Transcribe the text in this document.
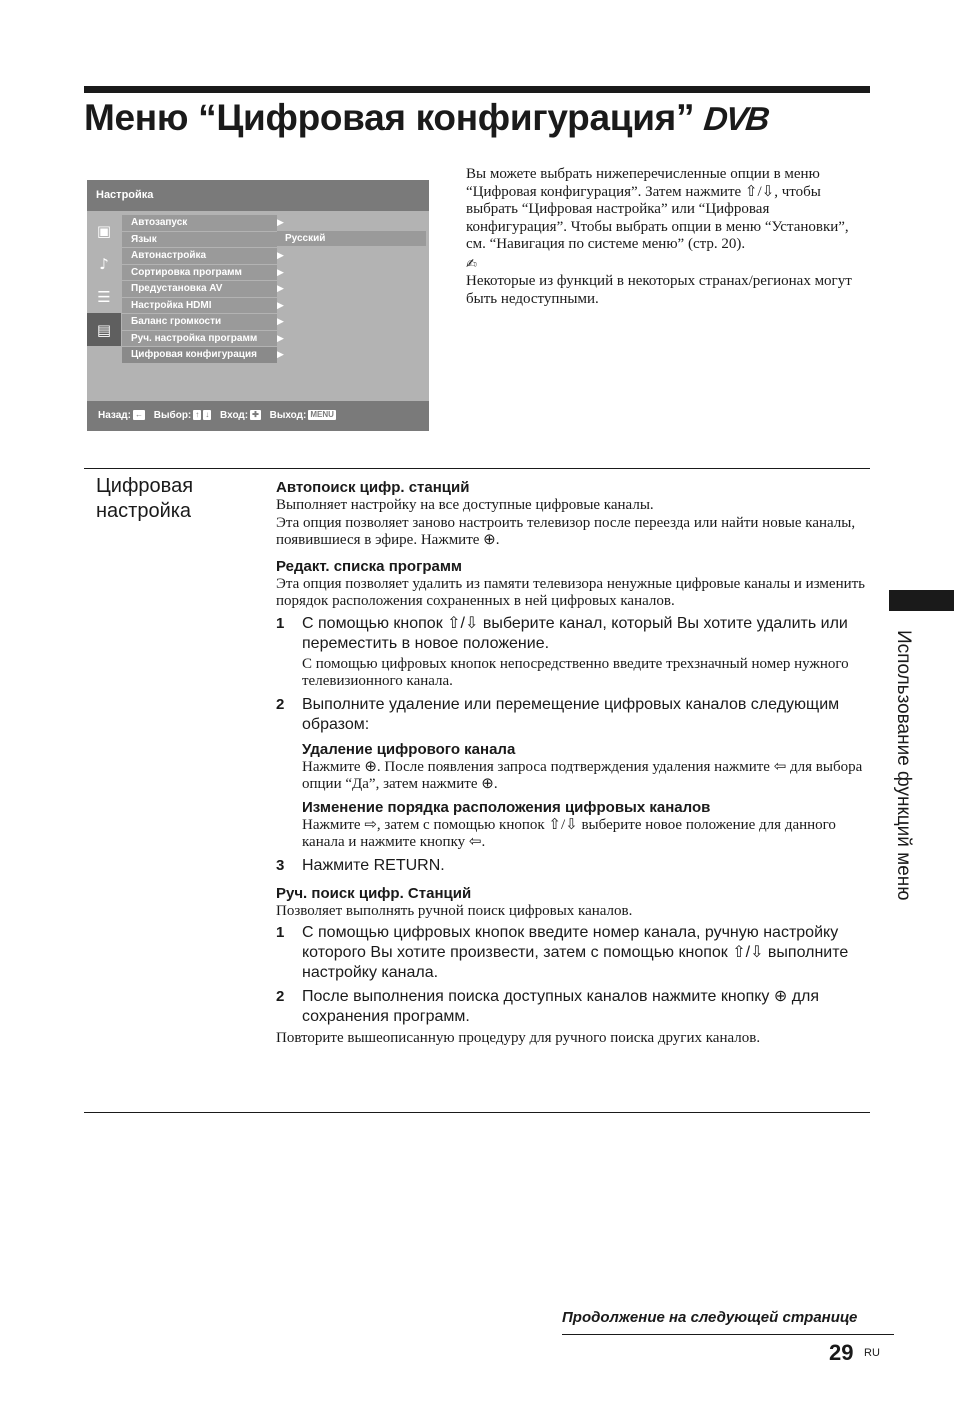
Меню “Цифровая конфигурация” DVB
Настройка
▣
♪
☰
▤
Автозапуск
Язык
Автонастройка
Сортировка программ
Предустановка AV
Настройка HDMI
Баланс громкости
Руч. настройка программ
Цифровая конфигурация
▶
▶
▶
▶
▶
▶
▶
▶
Русский
Назад: ← Выбор: ↑ ↓ Вход: ✚ Выход: MENU

Вы можете выбрать нижеперечисленные опции в меню “Цифровая конфигурация”. Затем нажмите ⇧/⇩, чтобы выбрать “Цифровая настройка” или “Цифровая конфигурация”. Чтобы выбрать опции в меню “Установки”, см. “Навигация по системе меню” (стр. 20).

✍

Некоторые из функций в некоторых странах/регионах могут быть недоступными.

Цифровая
настройка

Автопоиск цифр. станций

Выполняет настройку на все доступные цифровые каналы.

Эта опция позволяет заново настроить телевизор после переезда или найти новые каналы, появившиеся в эфире. Нажмите ⊕.

Редакт. списка программ

Эта опция позволяет удалить из памяти телевизора ненужные цифровые каналы и изменить порядок расположения сохраненных в ней цифровых каналов.

1 С помощью кнопок ⇧/⇩ выберите канал, который Вы хотите удалить или переместить в новое положение.

С помощью цифровых кнопок непосредственно введите трехзначный номер нужного телевизионного канала.

2 Выполните удаление или перемещение цифровых каналов следующим образом:

Удаление цифрового канала

Нажмите ⊕. После появления запроса подтверждения удаления нажмите ⇦ для выбора опции “Да”, затем нажмите ⊕.

Изменение порядка расположения цифровых каналов

Нажмите ⇨, затем с помощью кнопок ⇧/⇩ выберите новое положение для данного канала и нажмите кнопку ⇦.

3 Нажмите RETURN.

Руч. поиск цифр. Станций

Позволяет выполнять ручной поиск цифровых каналов.

1 С помощью цифровых кнопок введите номер канала, ручную настройку которого Вы хотите произвести, затем с помощью кнопок ⇧/⇩ выполните настройку канала.
2 После выполнения поиска доступных каналов нажмите кнопку ⊕ для сохранения программ.

Повторите вышеописанную процедуру для ручного поиска других каналов.

Использование функций меню
Продолжение на следующей странице
29 RU
